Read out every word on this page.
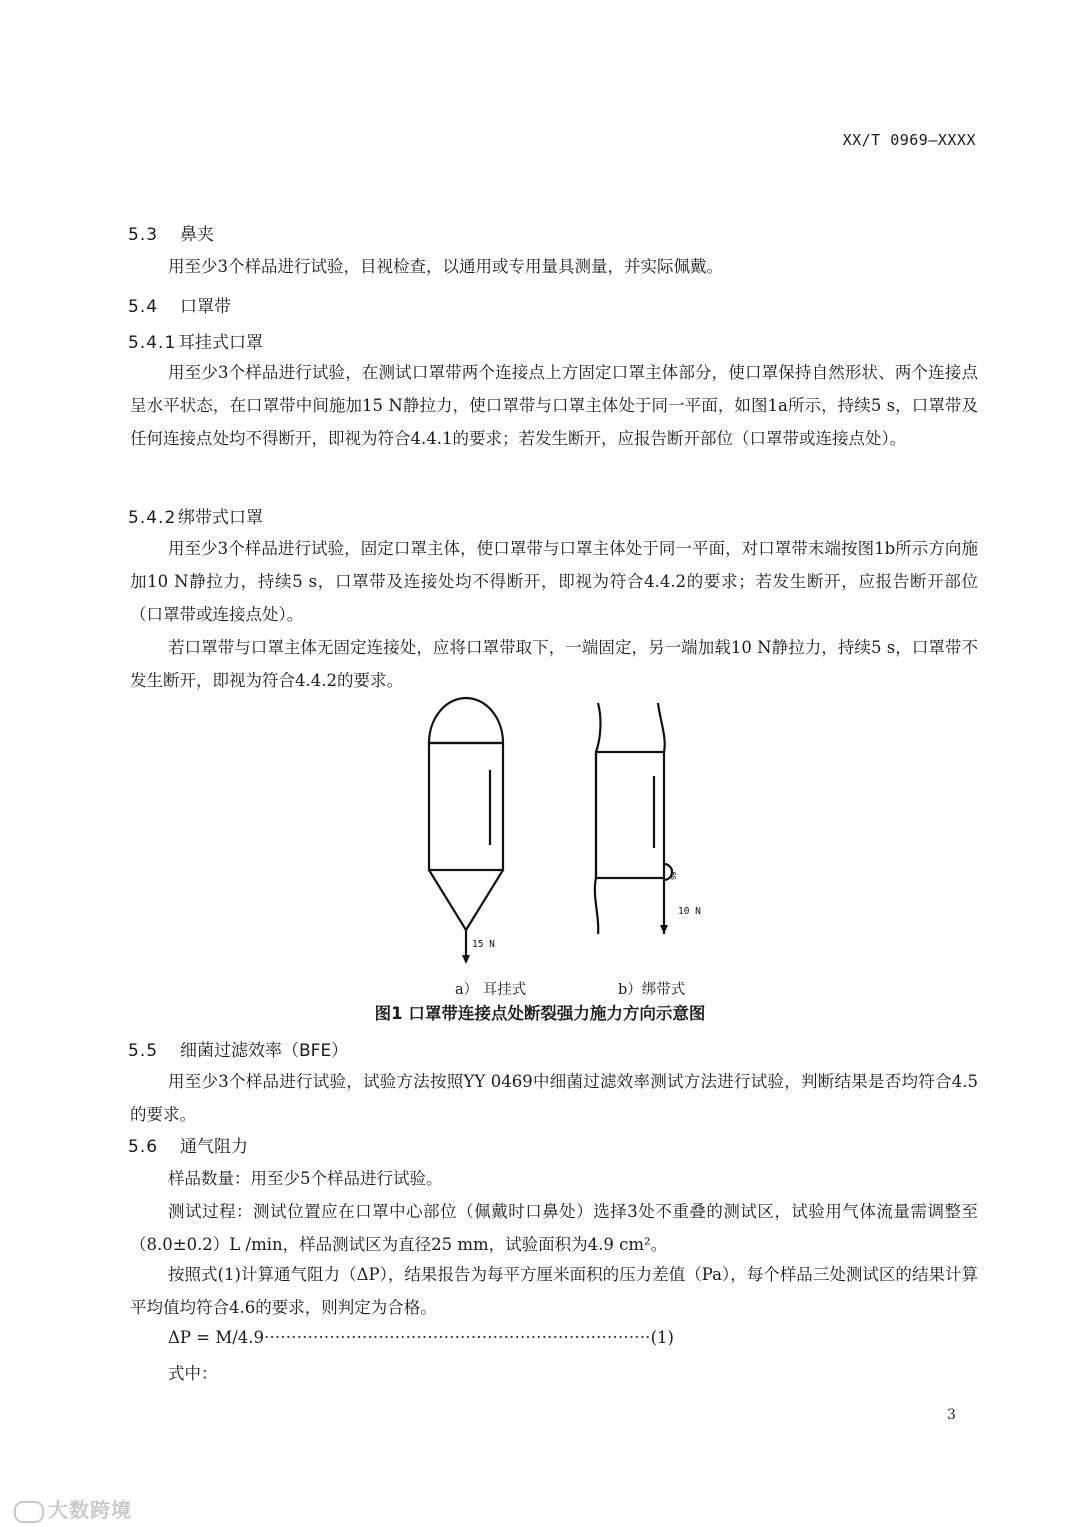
XX/T 0969—XXXX
5.3 鼻夹
用至少3个样品进行试验，目视检查，以通用或专用量具测量，并实际佩戴。
5.4 口罩带
5.4.1 耳挂式口罩
用至少3个样品进行试验，在测试口罩带两个连接点上方固定口罩主体部分，使口罩保持自然形状、两个连接点呈水平状态，在口罩带中间施加15 N静拉力，使口罩带与口罩主体处于同一平面，如图1a所示，持续5 s，口罩带及任何连接点处均不得断开，即视为符合4.4.1的要求；若发生断开，应报告断开部位（口罩带或连接点处）。
5.4.2 绑带式口罩
用至少3个样品进行试验，固定口罩主体，使口罩带与口罩主体处于同一平面，对口罩带末端按图1b所示方向施加10 N静拉力，持续5 s，口罩带及连接处均不得断开，即视为符合4.4.2的要求；若发生断开，应报告断开部位（口罩带或连接点处）。
若口罩带与口罩主体无固定连接处，应将口罩带取下，一端固定，另一端加载10 N静拉力，持续5 s，口罩带不发生断开，即视为符合4.4.2的要求。
15 N
90°
10 N
a） 耳挂式	b）绑带式
图1 口罩带连接点处断裂强力施力方向示意图
5.5 细菌过滤效率（BFE）
用至少3个样品进行试验，试验方法按照YY 0469中细菌过滤效率测试方法进行试验，判断结果是否均符合4.5的要求。
5.6 通气阻力
样品数量：用至少5个样品进行试验。
测试过程：测试位置应在口罩中心部位（佩戴时口鼻处）选择3处不重叠的测试区，试验用气体流量需调整至（8.0±0.2）L /min，样品测试区为直径25 mm，试验面积为4.9 cm²。
按照式(1)计算通气阻力（ΔP），结果报告为每平方厘米面积的压力差值（Pa），每个样品三处测试区的结果计算平均值均符合4.6的要求，则判定为合格。
ΔP = M/4.9·······································································(1)
式中：
3
大数跨境
